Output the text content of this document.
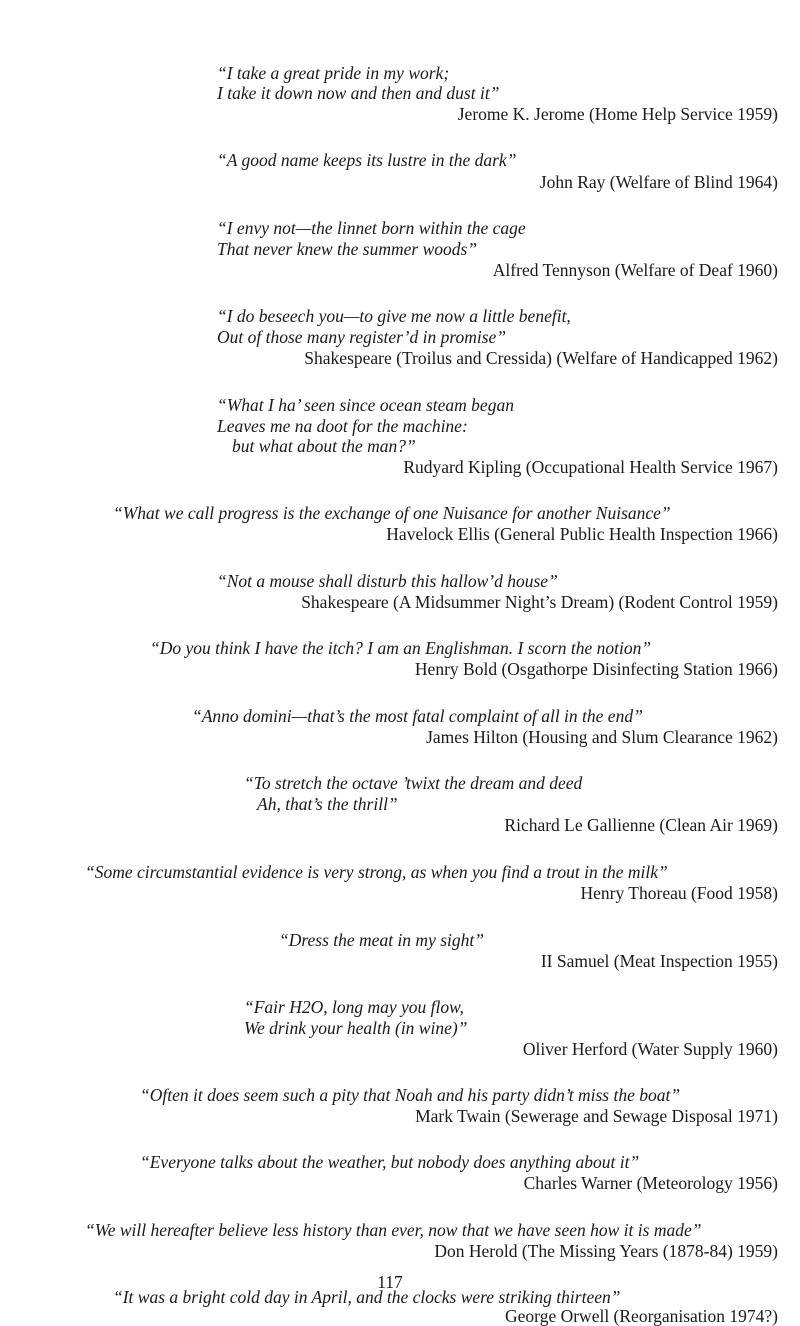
“I take a great pride in my work;
I take it down now and then and dust it”
Jerome K. Jerome (Home Help Service 1959)
“A good name keeps its lustre in the dark”
John Ray (Welfare of Blind 1964)
“I envy not—the linnet born within the cage
That never knew the summer woods”
Alfred Tennyson (Welfare of Deaf 1960)
“I do beseech you—to give me now a little benefit,
Out of those many register’d in promise”
Shakespeare (Troilus and Cressida) (Welfare of Handicapped 1962)
“What I ha’ seen since ocean steam began
Leaves me na doot for the machine:
but what about the man?”
Rudyard Kipling (Occupational Health Service 1967)
“What we call progress is the exchange of one Nuisance for another Nuisance”
Havelock Ellis (General Public Health Inspection 1966)
“Not a mouse shall disturb this hallow’d house”
Shakespeare (A Midsummer Night’s Dream) (Rodent Control 1959)
“Do you think I have the itch? I am an Englishman. I scorn the notion”
Henry Bold (Osgathorpe Disinfecting Station 1966)
“Anno domini—that’s the most fatal complaint of all in the end”
James Hilton (Housing and Slum Clearance 1962)
“To stretch the octave ’twixt the dream and deed
Ah, that’s the thrill”
Richard Le Gallienne (Clean Air 1969)
“Some circumstantial evidence is very strong, as when you find a trout in the milk”
Henry Thoreau (Food 1958)
“Dress the meat in my sight”
II Samuel (Meat Inspection 1955)
“Fair H2O, long may you flow,
We drink your health (in wine)”
Oliver Herford (Water Supply 1960)
“Often it does seem such a pity that Noah and his party didn’t miss the boat”
Mark Twain (Sewerage and Sewage Disposal 1971)
“Everyone talks about the weather, but nobody does anything about it”
Charles Warner (Meteorology 1956)
“We will hereafter believe less history than ever, now that we have seen how it is made”
Don Herold (The Missing Years (1878-84) 1959)
“It was a bright cold day in April, and the clocks were striking thirteen”
George Orwell (Reorganisation 1974?)
117
